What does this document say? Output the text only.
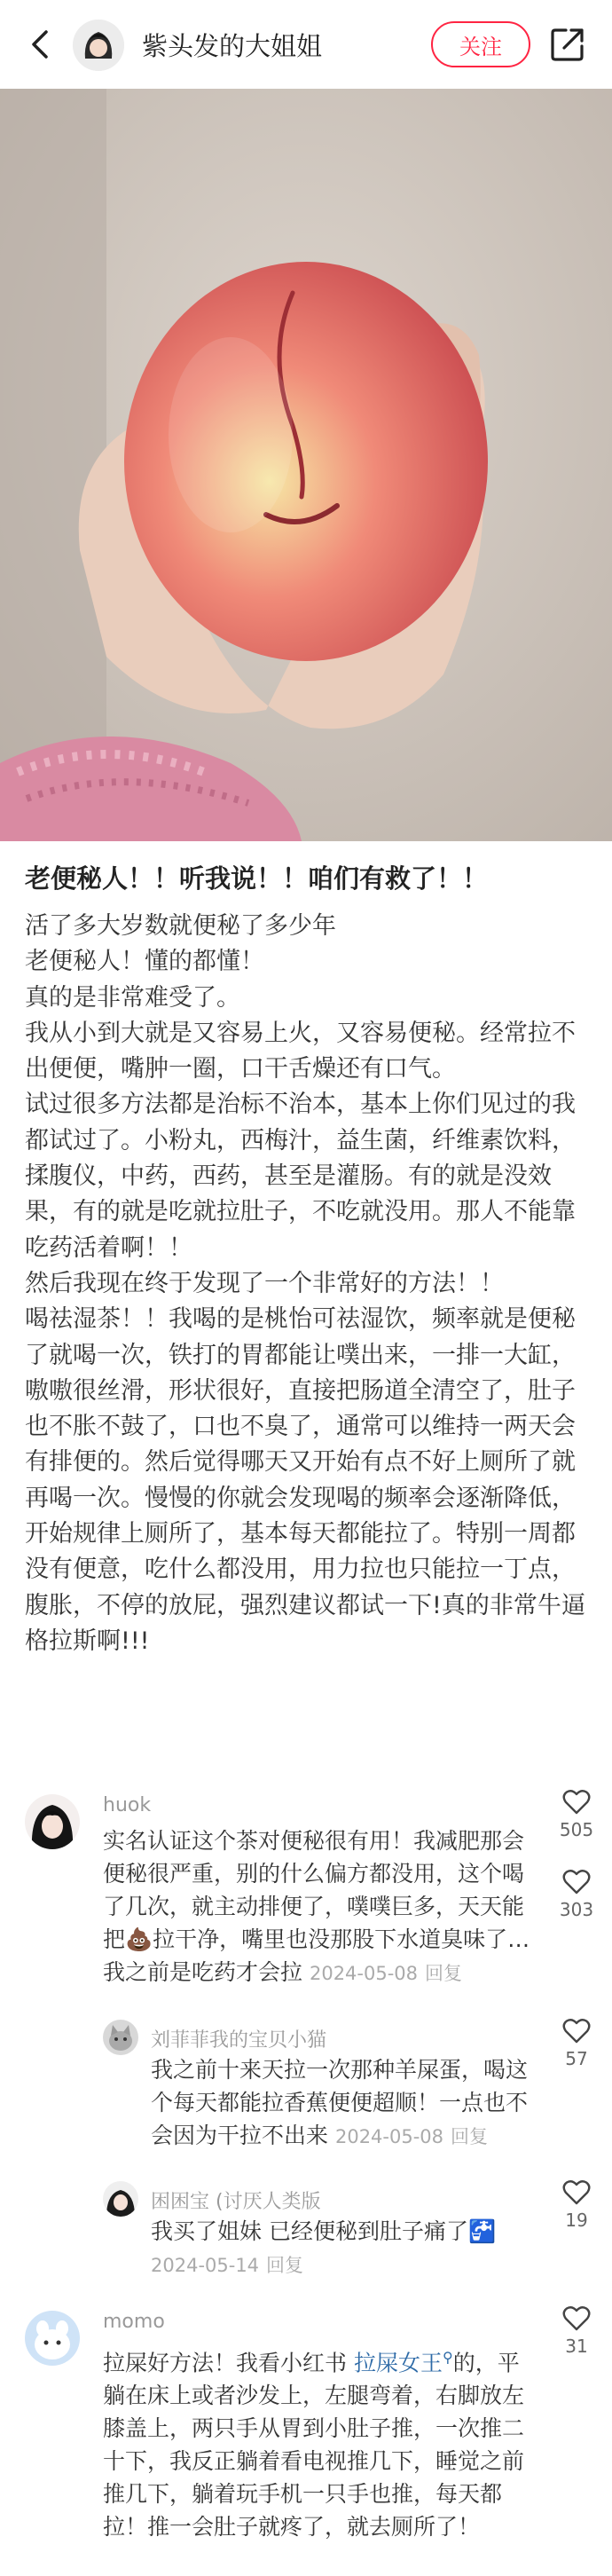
紫头发的大姐姐	关注
老便秘人！！听我说！！咱们有救了！！

活了多大岁数就便秘了多少年

老便秘人！懂的都懂！

真的是非常难受了。

我从小到大就是又容易上火，又容易便秘。经常拉不出便便，嘴肿一圈，口干舌燥还有口气。

试过很多方法都是治标不治本，基本上你们见过的我都试过了。小粉丸，西梅汁，益生菌，纤维素饮料，揉腹仪，中药，西药，甚至是灌肠。有的就是没效果，有的就是吃就拉肚子，不吃就没用。那人不能靠吃药活着啊！！

然后我现在终于发现了一个非常好的方法！！

喝祛湿茶！！我喝的是桃怡可祛湿饮，频率就是便秘了就喝一次，铁打的胃都能让噗出来，一排一大缸，嗷嗷很丝滑，形状很好，直接把肠道全清空了，肚子也不胀不鼓了，口也不臭了，通常可以维持一两天会有排便的。然后觉得哪天又开始有点不好上厕所了就再喝一次。慢慢的你就会发现喝的频率会逐渐降低，开始规律上厕所了，基本每天都能拉了。特别一周都没有便意，吃什么都没用，用力拉也只能拉一丁点，腹胀，不停的放屁，强烈建议都试一下!真的非常牛逼格拉斯啊!!!

huok
实名认证这个茶对便秘很有用！我减肥那会便秘很严重，别的什么偏方都没用，这个喝了几次，就主动排便了，噗噗巨多，天天能把💩拉干净，嘴里也没那股下水道臭味了…我之前是吃药才会拉 2024-05-08 回复
505
303
刘菲菲我的宝贝小猫
我之前十来天拉一次那种羊屎蛋，喝这个每天都能拉香蕉便便超顺！一点也不会因为干拉不出来 2024-05-08 回复
57
困困宝 (讨厌人类版
我买了姐妹 已经便秘到肚子痛了🚰
2024-05-14 回复
19
momo
拉屎好方法！我看小红书 拉屎女王⚲的，平躺在床上或者沙发上，左腿弯着，右脚放左膝盖上，两只手从胃到小肚子推，一次推二十下，我反正躺着看电视推几下，睡觉之前推几下，躺着玩手机一只手也推，每天都拉！推一会肚子就疼了，就去厕所了！
31
